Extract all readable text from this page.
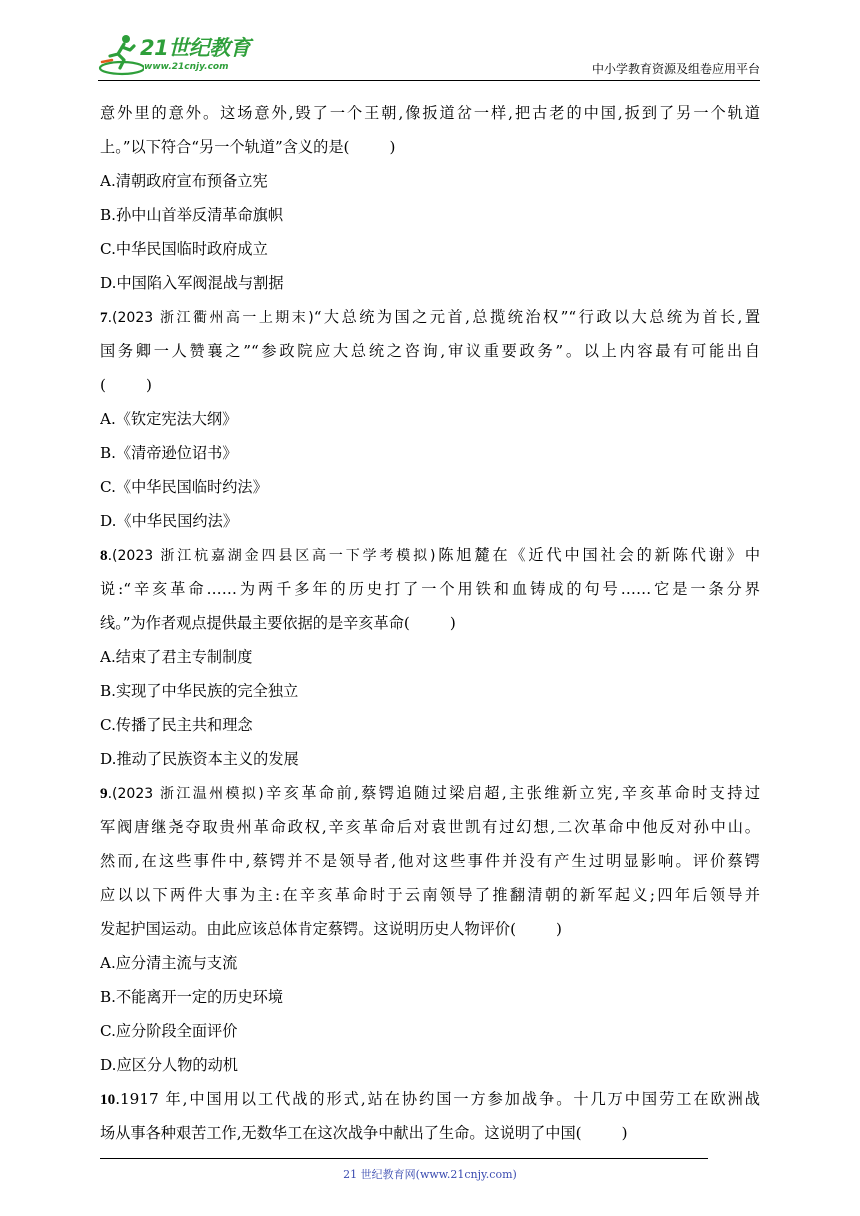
21世纪教育
www.21cnjy.com	中小学教育资源及组卷应用平台
意外里的意外。这场意外,毁了一个王朝,像扳道岔一样,把古老的中国,扳到了另一个轨道
上。”以下符合“另一个轨道”含义的是(	)
A.清朝政府宣布预备立宪
B.孙中山首举反清革命旗帜
C.中华民国临时政府成立
D.中国陷入军阀混战与割据
7.(2023 浙江衢州高一上期末)“大总统为国之元首,总揽统治权”“行政以大总统为首长,置
国务卿一人赞襄之”“参政院应大总统之咨询,审议重要政务”。以上内容最有可能出自
(	)
A.《钦定宪法大纲》
B.《清帝逊位诏书》
C.《中华民国临时约法》
D.《中华民国约法》
8.(2023 浙江杭嘉湖金四县区高一下学考模拟)陈旭麓在《近代中国社会的新陈代谢》中
说:“辛亥革命……为两千多年的历史打了一个用铁和血铸成的句号……它是一条分界
线。”为作者观点提供最主要依据的是辛亥革命(	)
A.结束了君主专制制度
B.实现了中华民族的完全独立
C.传播了民主共和理念
D.推动了民族资本主义的发展
9.(2023 浙江温州模拟)辛亥革命前,蔡锷追随过梁启超,主张维新立宪,辛亥革命时支持过
军阀唐继尧夺取贵州革命政权,辛亥革命后对袁世凯有过幻想,二次革命中他反对孙中山。
然而,在这些事件中,蔡锷并不是领导者,他对这些事件并没有产生过明显影响。评价蔡锷
应以以下两件大事为主:在辛亥革命时于云南领导了推翻清朝的新军起义;四年后领导并
发起护国运动。由此应该总体肯定蔡锷。这说明历史人物评价(	)
A.应分清主流与支流
B.不能离开一定的历史环境
C.应分阶段全面评价
D.应区分人物的动机
10.1917 年,中国用以工代战的形式,站在协约国一方参加战争。十几万中国劳工在欧洲战
场从事各种艰苦工作,无数华工在这次战争中献出了生命。这说明了中国(	)
21 世纪教育网(www.21cnjy.com)
